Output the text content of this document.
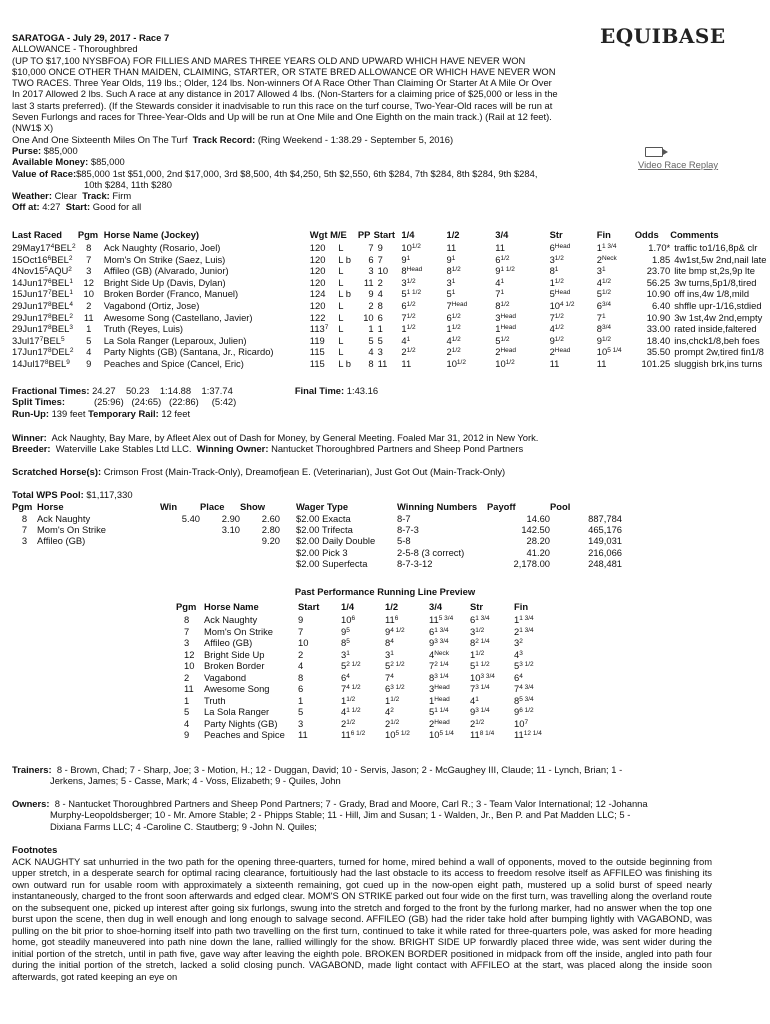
EQUIBASE
SARATOGA - July 29, 2017 - Race 7
ALLOWANCE - Thoroughbred
(UP TO $17,100 NYSBFOA) FOR FILLIES AND MARES THREE YEARS OLD AND UPWARD WHICH HAVE NEVER WON
$10,000 ONCE OTHER THAN MAIDEN, CLAIMING, STARTER, OR STATE BRED ALLOWANCE OR WHICH HAVE NEVER WON
TWO RACES. Three Year Olds, 119 lbs.; Older, 124 lbs. Non-winners Of A Race Other Than Claiming Or Starter At A Mile Or Over
In 2017 Allowed 2 lbs. Such A race at any distance in 2017 Allowed 4 lbs. (Non-Starters for a claiming price of $25,000 or less in the
last 3 starts preferred). (If the Stewards consider it inadvisable to run this race on the turf course, Two-Year-Old races will be run at
Seven Furlongs and races for Three-Year-Olds and Up will be run at One Mile and One Eighth on the main track.) (Rail at 12 feet).
(NW1$ X)
One And One Sixteenth Miles On The Turf Track Record: (Ring Weekend - 1:38.29 - September 5, 2016)
Purse: $85,000
Available Money: $85,000
Value of Race:$85,000 1st $51,000, 2nd $17,000, 3rd $8,500, 4th $4,250, 5th $2,550, 6th $284, 7th $284, 8th $284, 9th $284,
10th $284, 11th $280
Weather: Clear Track: Firm
Off at: 4:27 Start: Good for all
Video Race Replay
Last Raced	Pgm	Horse Name (Jockey)	Wgt M/E		PP	Start	1/4	1/2	3/4	Str	Fin	Odds	Comments
$29May17^4BEL^2$	8	Ack Naughty (Rosario, Joel)	120	L	7	9	$10^{1/2}$	11	11	$6^{Head}$	$1^{1 3/4}$	1.70*	traffic to1/16,8p& clr
$15Oct16^6BEL^2$	7	Mom's On Strike (Saez, Luis)	120	L b	6	7	$9^1$	$9^1$	$6^{1/2}$	$3^{1/2}$	$2^{Neck}$	1.85	4w1st,5w 2nd,nail late
$4Nov15^5AQU^2$	3	Affileo (GB) (Alvarado, Junior)	120	L	3	10	$8^{Head}$	$8^{1/2}$	$9^{1 1/2}$	$8^1$	$3^1$	23.70	lite bmp st,2s,9p lte
$14Jun17^6BEL^1$	12	Bright Side Up (Davis, Dylan)	120	L	11	2	$3^{1/2}$	$3^1$	$4^1$	$1^{1/2}$	$4^{1/2}$	56.25	3w turns,5p1/8,tired
$15Jun17^7BEL^1$	10	Broken Border (Franco, Manuel)	124	L b	9	4	$5^{1 1/2}$	$5^1$	$7^1$	$5^{Head}$	$5^{1/2}$	10.90	off ins,4w 1/8,mild
$29Jun17^8BEL^4$	2	Vagabond (Ortiz, Jose)	120	L	2	8	$6^{1/2}$	$7^{Head}$	$8^{1/2}$	$10^{4 1/2}$	$6^{3/4}$	6.40	shffle upr-1/16,stdied
$29Jun17^8BEL^2$	11	Awesome Song (Castellano, Javier)	122	L	10	6	$7^{1/2}$	$6^{1/2}$	$3^{Head}$	$7^{1/2}$	$7^1$	10.90	3w 1st,4w 2nd,empty
$29Jun17^8BEL^3$	1	Truth (Reyes, Luis)	$113^7$	L	1	1	$1^{1/2}$	$1^{1/2}$	$1^{Head}$	$4^{1/2}$	$8^{3/4}$	33.00	rated inside,faltered
$3Jul17^7BEL^5$	5	La Sola Ranger (Leparoux, Julien)	119	L	5	5	$4^1$	$4^{1/2}$	$5^{1/2}$	$9^{1/2}$	$9^{1/2}$	18.40	ins,chck1/8,beh foes
$17Jun17^8DEL^2$	4	Party Nights (GB) (Santana, Jr., Ricardo)	115	L	4	3	$2^{1/2}$	$2^{1/2}$	$2^{Head}$	$2^{Head}$	$10^{5 1/4}$	35.50	prompt 2w,tired fin1/8
$14Jul17^8BEL^9$	9	Peaches and Spice (Cancel, Eric)	115	L b	8	11	11	$10^{1/2}$	$10^{1/2}$	11	11	101.25	sluggish brk,ins turns
Fractional Times: 24.27    50.23    1:14.88    1:37.74	Final Time: 1:43.16
Split Times:	(25:96)   (24:65)   (22:86)     (5:42)
Run-Up: 139 feet Temporary Rail: 12 feet
Winner: Ack Naughty, Bay Mare, by Afleet Alex out of Dash for Money, by General Meeting. Foaled Mar 31, 2012 in New York.
Breeder: Waterville Lake Stables Ltd LLC. Winning Owner: Nantucket Thoroughbred Partners and Sheep Pond Partners
Scratched Horse(s): Crimson Frost (Main-Track-Only), Dreamofjean E. (Veterinarian), Just Got Out (Main-Track-Only)
Total WPS Pool: $1,117,330
Pgm	Horse	Win	Place	Show		Wager Type	Winning Numbers	Payoff	Pool
8	Ack Naughty	5.40	2.90	2.60		$2.00 Exacta	8-7	14.60	887,784
7	Mom's On Strike		3.10	2.80		$2.00 Trifecta	8-7-3	142.50	465,176
3	Affileo (GB)			9.20		$2.00 Daily Double	5-8	28.20	149,031
						$2.00 Pick 3	2-5-8 (3 correct)	41.20	216,066
						$2.00 Superfecta	8-7-3-12	2,178.00	248,481
Past Performance Running Line Preview
Pgm	Horse Name	Start	1/4	1/2	3/4	Str	Fin
8	Ack Naughty	9	$10^6$	$11^6$	$11^{5 3/4}$	$6^{1 3/4}$	$1^{1 3/4}$
7	Mom's On Strike	7	$9^5$	$9^{4 1/2}$	$6^{1 3/4}$	$3^{1/2}$	$2^{1 3/4}$
3	Affileo (GB)	10	$8^5$	$8^4$	$9^{3 3/4}$	$8^{2 1/4}$	$3^2$
12	Bright Side Up	2	$3^1$	$3^1$	$4^{Neck}$	$1^{1/2}$	$4^3$
10	Broken Border	4	$5^{2 1/2}$	$5^{2 1/2}$	$7^{2 1/4}$	$5^{1 1/2}$	$5^{3 1/2}$
2	Vagabond	8	$6^4$	$7^4$	$8^{3 1/4}$	$10^{3 3/4}$	$6^4$
11	Awesome Song	6	$7^{4 1/2}$	$6^{3 1/2}$	$3^{Head}$	$7^{3 1/4}$	$7^{4 3/4}$
1	Truth	1	$1^{1/2}$	$1^{1/2}$	$1^{Head}$	$4^1$	$8^{5 3/4}$
5	La Sola Ranger	5	$4^{1 1/2}$	$4^2$	$5^{1 1/4}$	$9^{3 1/4}$	$9^{6 1/2}$
4	Party Nights (GB)	3	$2^{1/2}$	$2^{1/2}$	$2^{Head}$	$2^{1/2}$	$10^7$
9	Peaches and Spice	11	$11^{6 1/2}$	$10^{5 1/2}$	$10^{5 1/4}$	$11^{8 1/4}$	$11^{12 1/4}$
Trainers: 8 - Brown, Chad; 7 - Sharp, Joe; 3 - Motion, H.; 12 - Duggan, David; 10 - Servis, Jason; 2 - McGaughey III, Claude; 11 - Lynch, Brian; 1 -
Jerkens, James; 5 - Casse, Mark; 4 - Voss, Elizabeth; 9 - Quiles, John
Owners: 8 - Nantucket Thoroughbred Partners and Sheep Pond Partners; 7 - Grady, Brad and Moore, Carl R.; 3 - Team Valor International; 12 -Johanna
Murphy-Leopoldsberger; 10 - Mr. Amore Stable; 2 - Phipps Stable; 11 - Hill, Jim and Susan; 1 - Walden, Jr., Ben P. and Pat Madden LLC; 5 -
Dixiana Farms LLC; 4 -Caroline C. Stautberg; 9 -John N. Quiles;
Footnotes
ACK NAUGHTY sat unhurried in the two path for the opening three-quarters, turned for home, mired behind a wall of opponents, moved to the outside beginning from upper stretch, in a desperate search for optimal racing clearance, fortuitiously had the last obstacle to its access to freedom resolve itself as AFFILEO was finishing its own outward run for usable room with approximately a sixteenth remaining, got cued up in the now-open eight path, mustered up a solid burst of speed nearly instantaneously, charged to the front soon afterwards and edged clear. MOM'S ON STRIKE parked out four wide on the first turn, was travelling along the overland route on the subsequent one, picked up interest after going six furlongs, swung into the stretch and forged to the front by the furlong marker, had no answer when the top one burst upon the scene, then dug in well enough and long enough to salvage second. AFFILEO (GB) had the rider take hold after bumping lightly with VAGABOND, was pulling on the bit prior to shoe-horning itself into path two travelling on the first turn, continued to take it while rated for three-quarters pole, was asked for more heading home, got steadily maneuvered into path nine down the lane, rallied willingly for the show. BRIGHT SIDE UP forwardly placed three wide, was sent wider during the initial portion of the stretch, until in path five, gave way after leaving the eighth pole. BROKEN BORDER positioned in midpack from off the inside, angled into path four during the initial portion of the stretch, lacked a solid closing punch. VAGABOND, made light contact with AFFILEO at the start, was placed along the inside soon afterwards, got rated keeping an eye on
